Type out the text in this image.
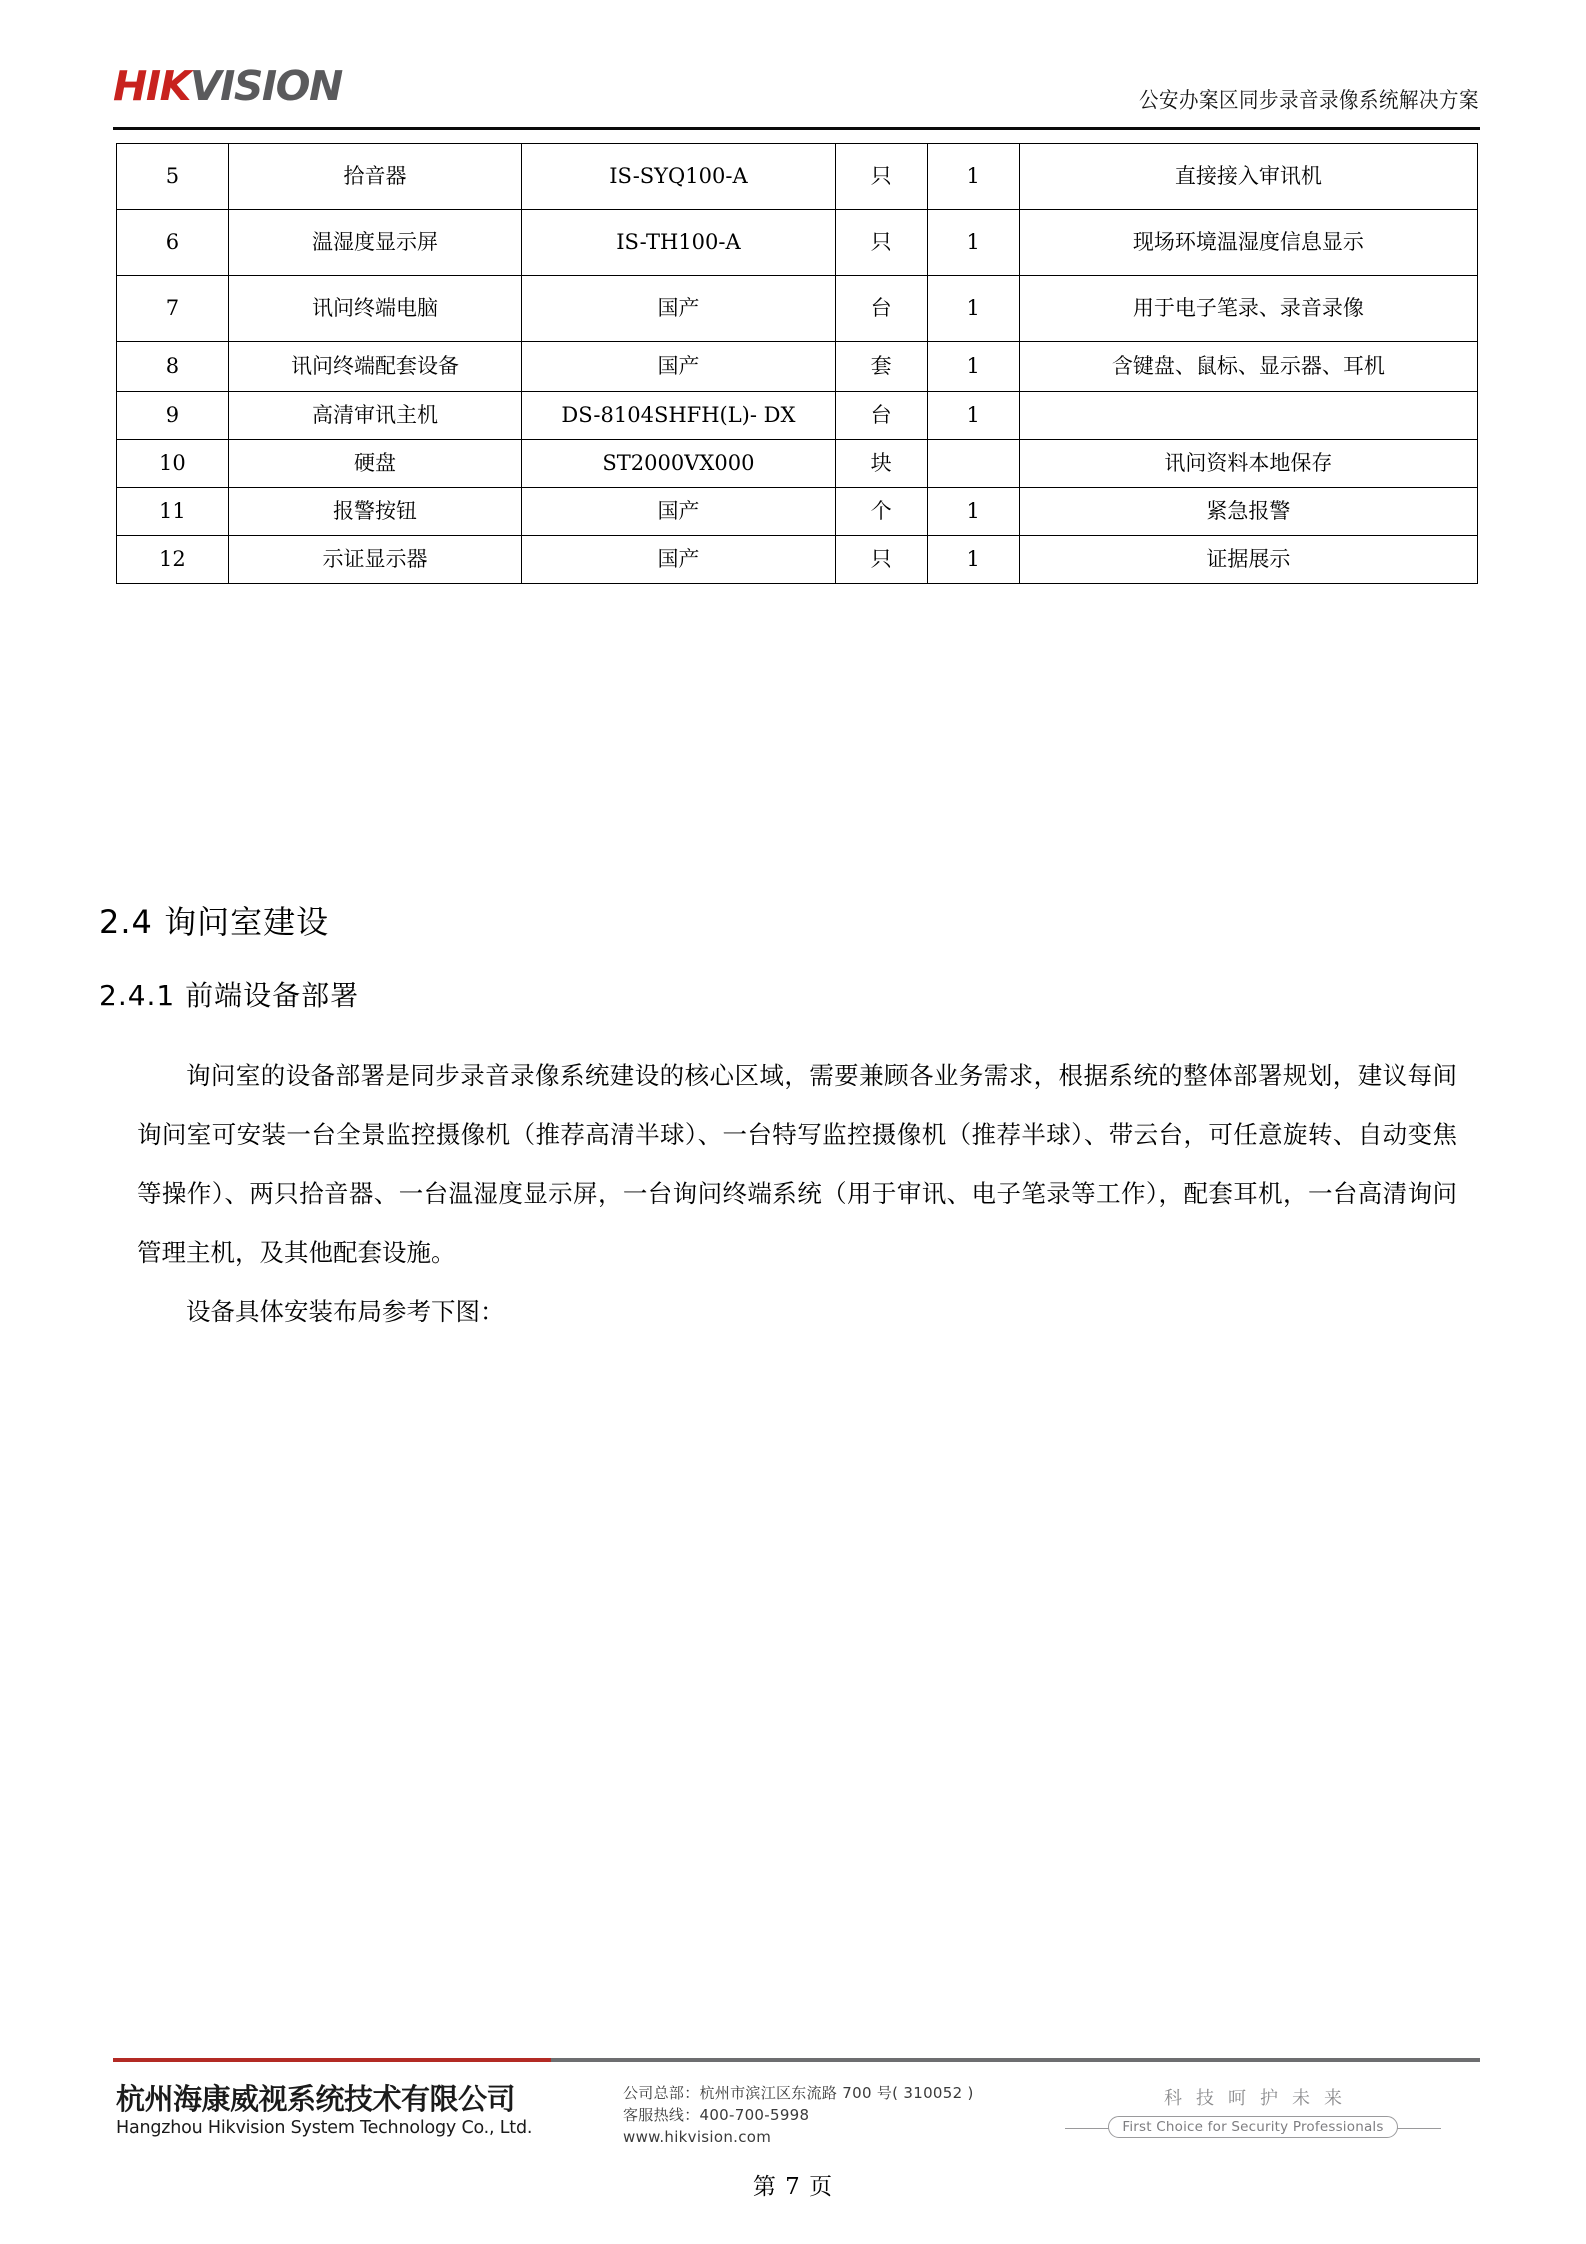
HIKVISION	公安办案区同步录音录像系统解决方案
5	拾音器	IS-SYQ100-A	只	1	直接接入审讯机
6	温湿度显示屏	IS-TH100-A	只	1	现场环境温湿度信息显示
7	讯问终端电脑	国产	台	1	用于电子笔录、录音录像
8	讯问终端配套设备	国产	套	1	含键盘、鼠标、显示器、耳机
9	高清审讯主机	DS-8104SHFH(L)- DX	台	1	
10	硬盘	ST2000VX000	块		讯问资料本地保存
11	报警按钮	国产	个	1	紧急报警
12	示证显示器	国产	只	1	证据展示
2.4 询问室建设
2.4.1 前端设备部署

询问室的设备部署是同步录音录像系统建设的核心区域，需要兼顾各业务需求，根据系统的整体部署规划，建议每间询问室可安装一台全景监控摄像机（推荐高清半球）、一台特写监控摄像机（推荐半球）、带云台，可任意旋转、自动变焦等操作）、两只拾音器、一台温湿度显示屏，一台询问终端系统（用于审讯、电子笔录等工作），配套耳机，一台高清询问管理主机，及其他配套设施。

设备具体安装布局参考下图：

杭州海康威视系统技术有限公司
Hangzhou Hikvision System Technology Co., Ltd.
公司总部：杭州市滨江区东流路 700 号( 310052 )
客服热线：400-700-5998
www.hikvision.com
科技呵护未来
First Choice for Security Professionals
第 7 页
